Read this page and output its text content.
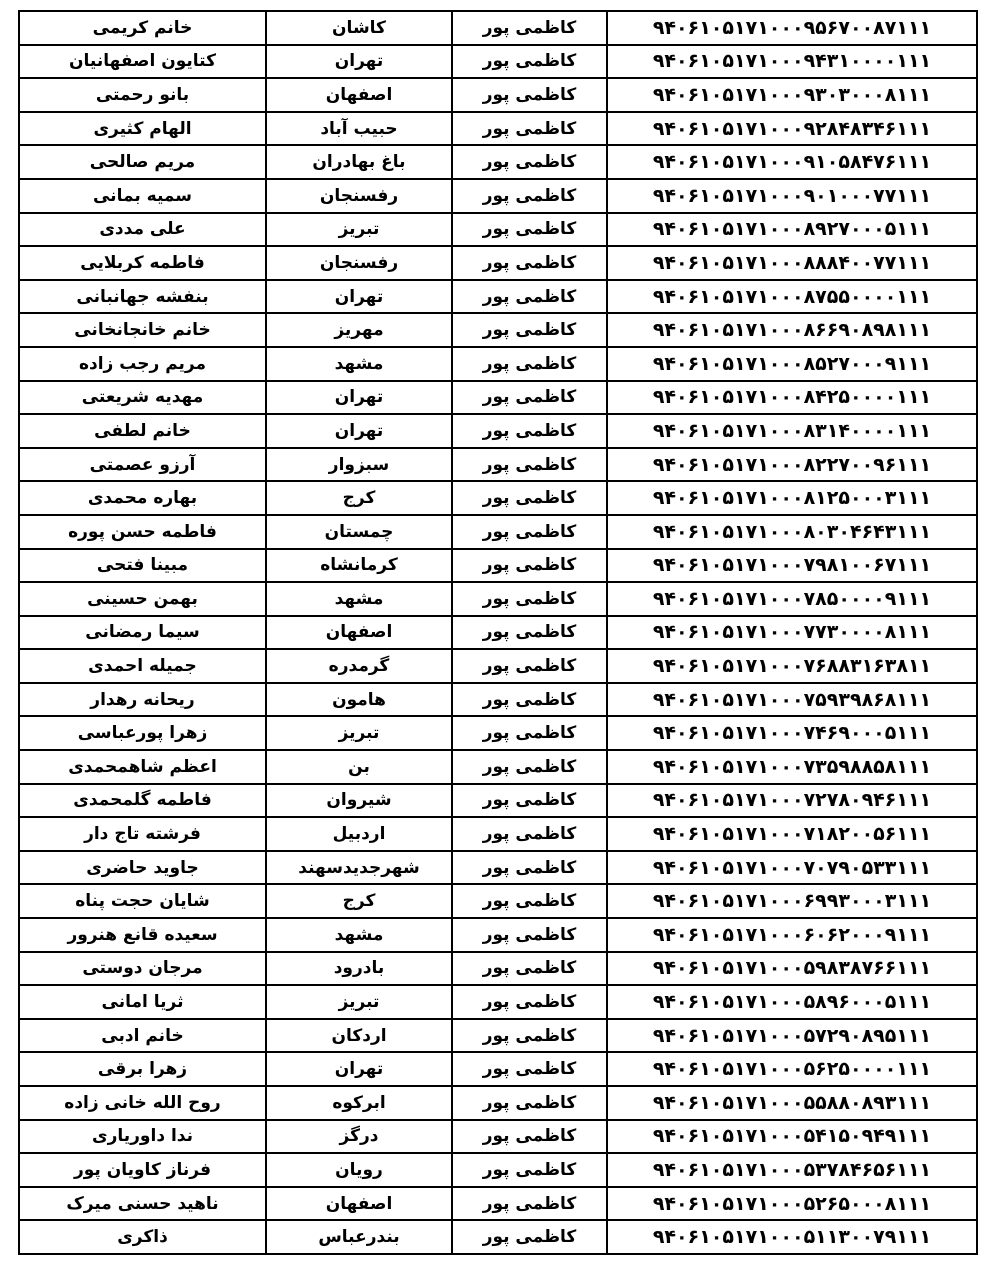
خانم کریمی	کاشان	کاظمی پور	۹۴۰۶۱۰۵۱۷۱۰۰۰۹۵۶۷۰۰۸۷۱۱۱
کتایون اصفهانیان	تهران	کاظمی پور	۹۴۰۶۱۰۵۱۷۱۰۰۰۹۴۳۱۰۰۰۰۱۱۱
بانو رحمتی	اصفهان	کاظمی پور	۹۴۰۶۱۰۵۱۷۱۰۰۰۹۳۰۳۰۰۰۸۱۱۱
الهام کثیری	حبیب آباد	کاظمی پور	۹۴۰۶۱۰۵۱۷۱۰۰۰۹۲۸۴۸۳۴۶۱۱۱
مریم صالحی	باغ بهادران	کاظمی پور	۹۴۰۶۱۰۵۱۷۱۰۰۰۹۱۰۵۸۴۷۶۱۱۱
سمیه بمانی	رفسنجان	کاظمی پور	۹۴۰۶۱۰۵۱۷۱۰۰۰۹۰۱۰۰۰۷۷۱۱۱
علی مددی	تبریز	کاظمی پور	۹۴۰۶۱۰۵۱۷۱۰۰۰۸۹۲۷۰۰۰۵۱۱۱
فاطمه کربلایی	رفسنجان	کاظمی پور	۹۴۰۶۱۰۵۱۷۱۰۰۰۸۸۸۴۰۰۷۷۱۱۱
بنفشه جهانبانی	تهران	کاظمی پور	۹۴۰۶۱۰۵۱۷۱۰۰۰۸۷۵۵۰۰۰۰۱۱۱
خانم خانجانخانی	مهریز	کاظمی پور	۹۴۰۶۱۰۵۱۷۱۰۰۰۸۶۶۹۰۸۹۸۱۱۱
مریم رجب زاده	مشهد	کاظمی پور	۹۴۰۶۱۰۵۱۷۱۰۰۰۸۵۲۷۰۰۰۹۱۱۱
مهدیه شریعتی	تهران	کاظمی پور	۹۴۰۶۱۰۵۱۷۱۰۰۰۸۴۲۵۰۰۰۰۱۱۱
خانم لطفی	تهران	کاظمی پور	۹۴۰۶۱۰۵۱۷۱۰۰۰۸۳۱۴۰۰۰۰۱۱۱
آرزو عصمتی	سبزوار	کاظمی پور	۹۴۰۶۱۰۵۱۷۱۰۰۰۸۲۲۷۰۰۹۶۱۱۱
بهاره محمدی	کرج	کاظمی پور	۹۴۰۶۱۰۵۱۷۱۰۰۰۸۱۲۵۰۰۰۳۱۱۱
فاطمه حسن پوره	چمستان	کاظمی پور	۹۴۰۶۱۰۵۱۷۱۰۰۰۸۰۳۰۴۶۴۳۱۱۱
مبینا فتحی	کرمانشاه	کاظمی پور	۹۴۰۶۱۰۵۱۷۱۰۰۰۷۹۸۱۰۰۶۷۱۱۱
بهمن حسینی	مشهد	کاظمی پور	۹۴۰۶۱۰۵۱۷۱۰۰۰۷۸۵۰۰۰۰۹۱۱۱
سیما رمضانی	اصفهان	کاظمی پور	۹۴۰۶۱۰۵۱۷۱۰۰۰۷۷۳۰۰۰۰۸۱۱۱
جمیله احمدی	گرمدره	کاظمی پور	۹۴۰۶۱۰۵۱۷۱۰۰۰۷۶۸۸۳۱۶۳۸۱۱
ریحانه رهدار	هامون	کاظمی پور	۹۴۰۶۱۰۵۱۷۱۰۰۰۷۵۹۳۹۸۶۸۱۱۱
زهرا پورعباسی	تبریز	کاظمی پور	۹۴۰۶۱۰۵۱۷۱۰۰۰۷۴۶۹۰۰۰۵۱۱۱
اعظم شاهمحمدی	بن	کاظمی پور	۹۴۰۶۱۰۵۱۷۱۰۰۰۷۳۵۹۸۸۵۸۱۱۱
فاطمه گلمحمدی	شیروان	کاظمی پور	۹۴۰۶۱۰۵۱۷۱۰۰۰۷۲۷۸۰۹۴۶۱۱۱
فرشته تاج دار	اردبیل	کاظمی پور	۹۴۰۶۱۰۵۱۷۱۰۰۰۷۱۸۲۰۰۵۶۱۱۱
جاوید حاضری	شهرجدیدسهند	کاظمی پور	۹۴۰۶۱۰۵۱۷۱۰۰۰۷۰۷۹۰۵۳۳۱۱۱
شایان حجت پناه	کرج	کاظمی پور	۹۴۰۶۱۰۵۱۷۱۰۰۰۶۹۹۳۰۰۰۳۱۱۱
سعیده قانع هنرور	مشهد	کاظمی پور	۹۴۰۶۱۰۵۱۷۱۰۰۰۶۰۶۲۰۰۰۹۱۱۱
مرجان دوستی	بادرود	کاظمی پور	۹۴۰۶۱۰۵۱۷۱۰۰۰۵۹۸۳۸۷۶۶۱۱۱
ثریا امانی	تبریز	کاظمی پور	۹۴۰۶۱۰۵۱۷۱۰۰۰۵۸۹۶۰۰۰۵۱۱۱
خانم ادبی	اردکان	کاظمی پور	۹۴۰۶۱۰۵۱۷۱۰۰۰۵۷۲۹۰۸۹۵۱۱۱
زهرا برقی	تهران	کاظمی پور	۹۴۰۶۱۰۵۱۷۱۰۰۰۵۶۲۵۰۰۰۰۱۱۱
روح الله خانی زاده	ابرکوه	کاظمی پور	۹۴۰۶۱۰۵۱۷۱۰۰۰۵۵۸۸۰۸۹۳۱۱۱
ندا داوریاری	درگز	کاظمی پور	۹۴۰۶۱۰۵۱۷۱۰۰۰۵۴۱۵۰۹۴۹۱۱۱
فرناز کاویان پور	رویان	کاظمی پور	۹۴۰۶۱۰۵۱۷۱۰۰۰۵۳۷۸۴۶۵۶۱۱۱
ناهید حسنی میرک	اصفهان	کاظمی پور	۹۴۰۶۱۰۵۱۷۱۰۰۰۵۲۶۵۰۰۰۸۱۱۱
ذاکری	بندرعباس	کاظمی پور	۹۴۰۶۱۰۵۱۷۱۰۰۰۵۱۱۳۰۰۷۹۱۱۱
